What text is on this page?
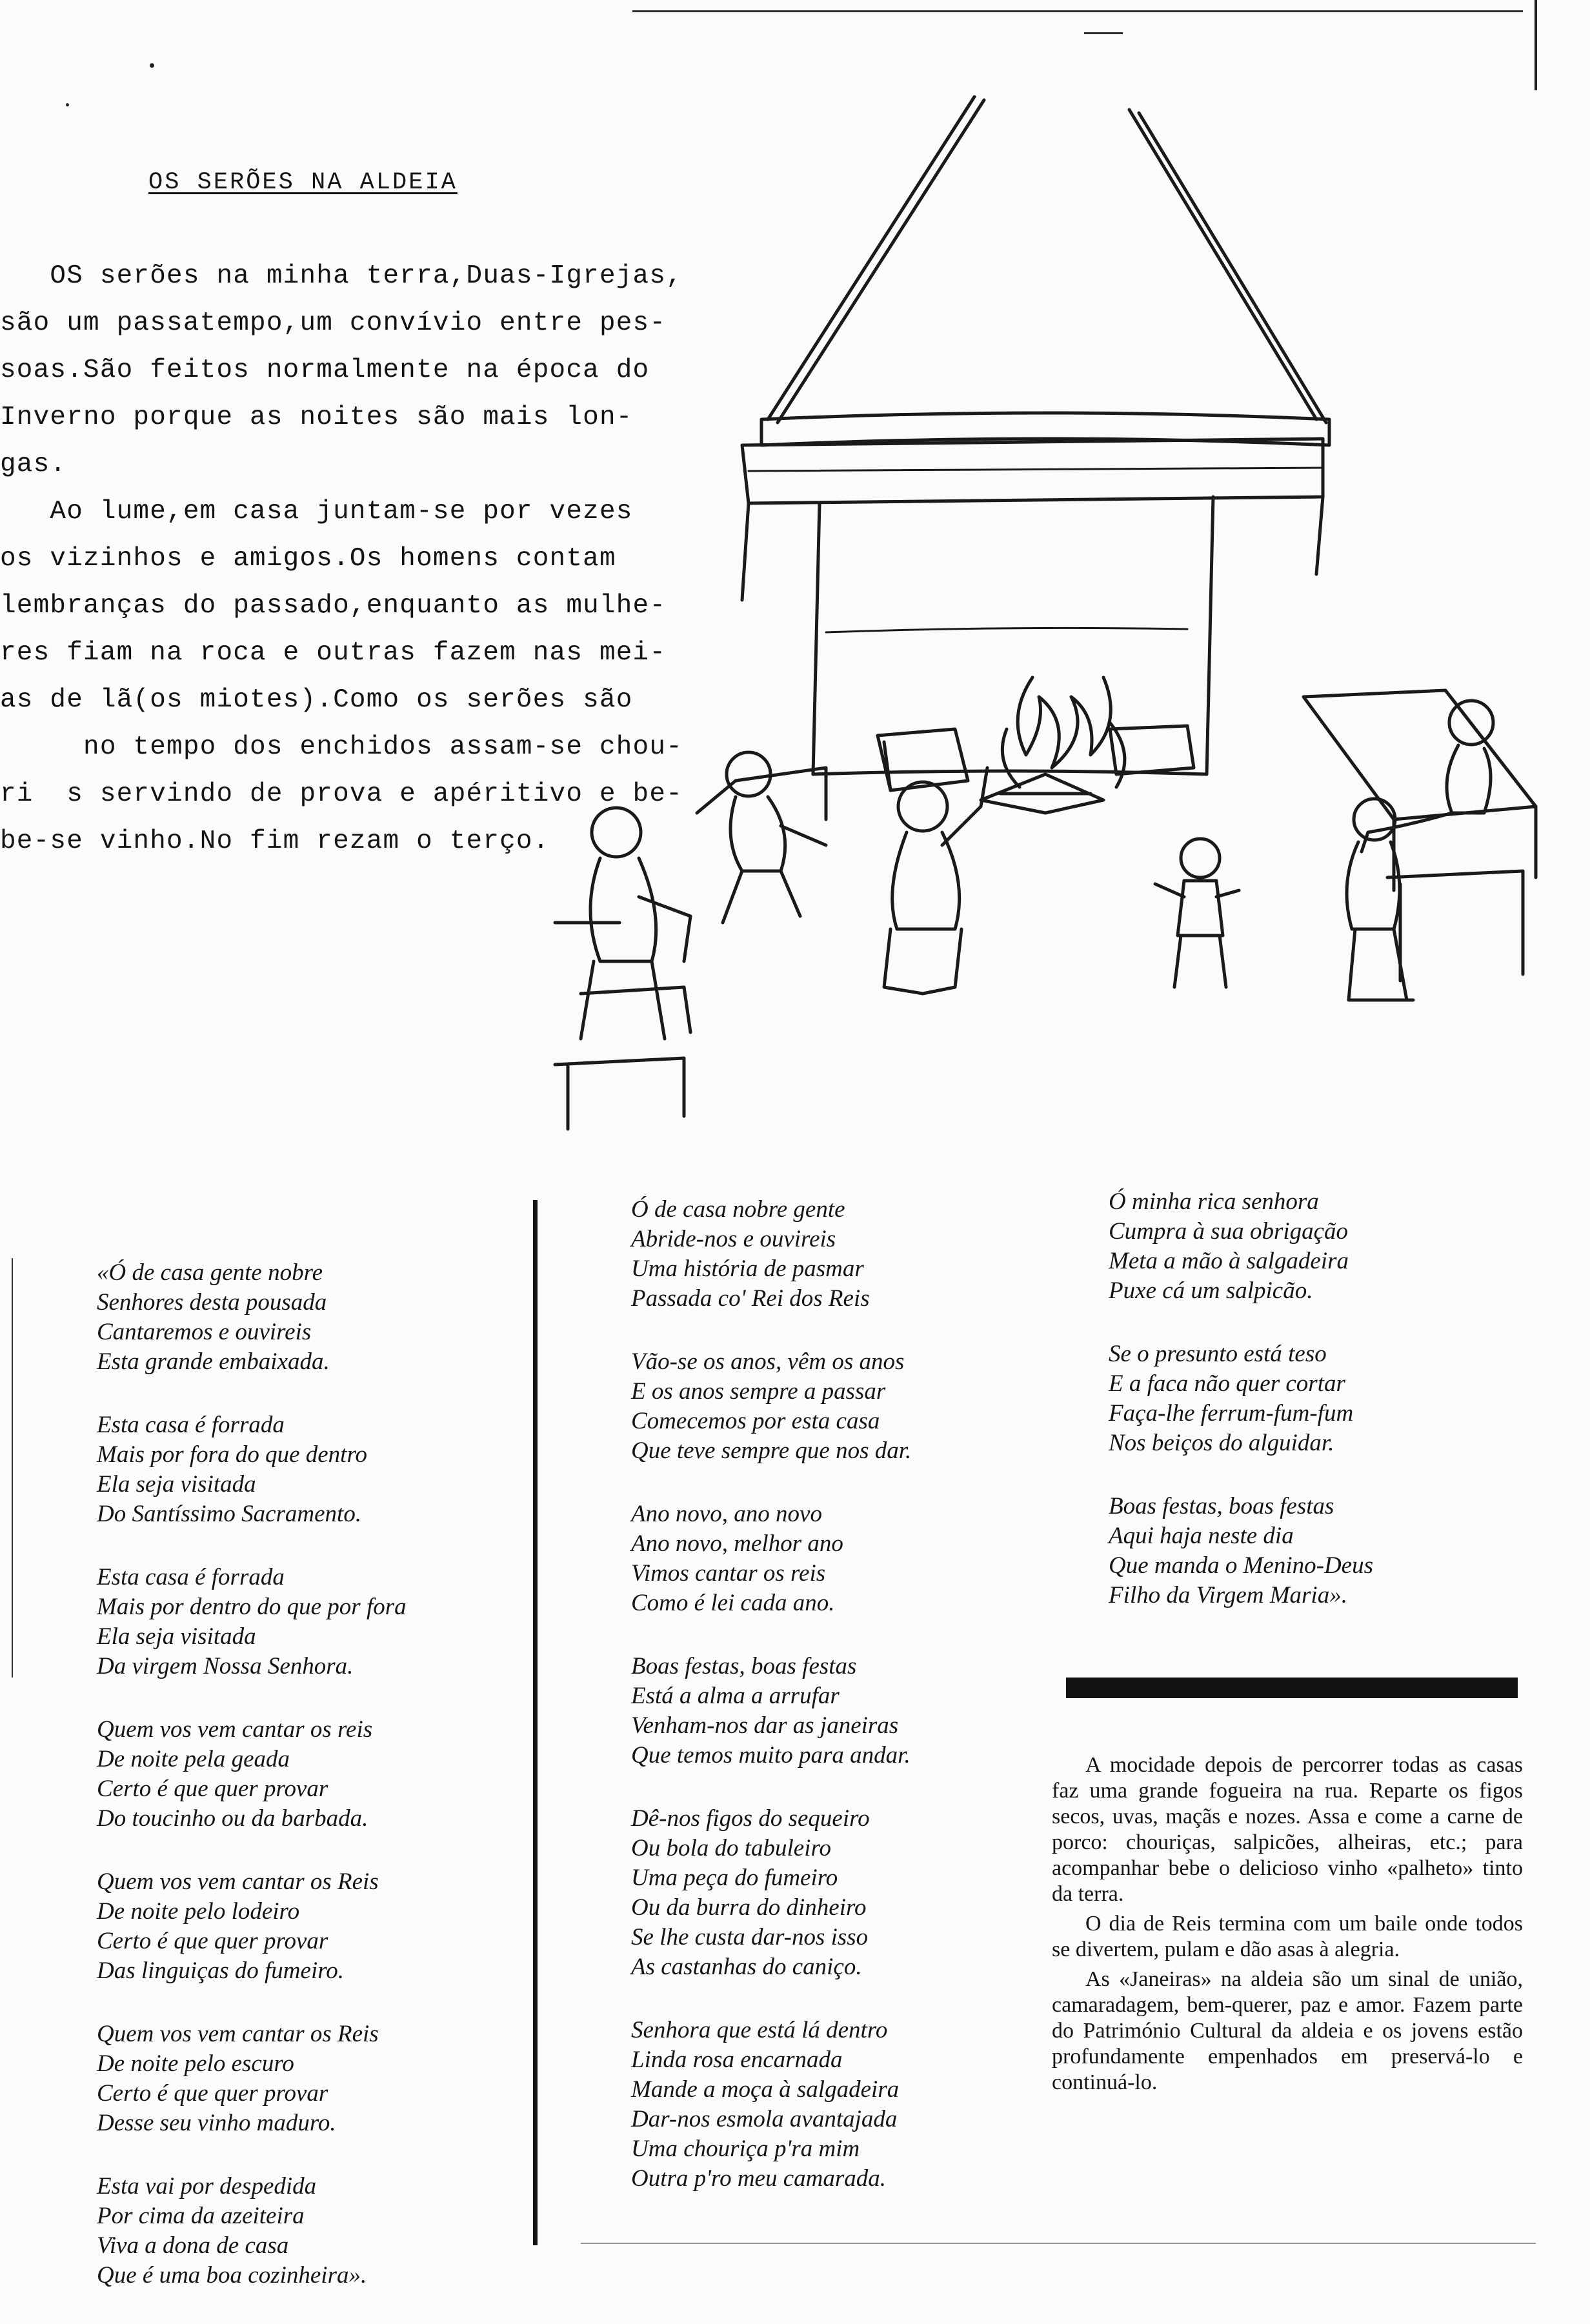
OS SERÕES NA ALDEIA
OS serões na minha terra,Duas-Igrejas,
são um passatempo,um convívio entre pes-
soas.São feitos normalmente na época do
Inverno porque as noites são mais lon-
gas.
Ao lume,em casa juntam-se por vezes
os vizinhos e amigos.Os homens contam
lembranças do passado,enquanto as mulhe-
res fiam na roca e outras fazem nas mei-
as de lã(os miotes).Como os serões são
no tempo dos enchidos assam-se chou-
ri  s servindo de prova e apéritivo e be-
be-se vinho.No fim rezam o terço.
«Ó de casa gente nobre
Senhores desta pousada
Cantaremos e ouvireis
Esta grande embaixada.
Esta casa é forrada
Mais por fora do que dentro
Ela seja visitada
Do Santíssimo Sacramento.
Esta casa é forrada
Mais por dentro do que por fora
Ela seja visitada
Da virgem Nossa Senhora.
Quem vos vem cantar os reis
De noite pela geada
Certo é que quer provar
Do toucinho ou da barbada.
Quem vos vem cantar os Reis
De noite pelo lodeiro
Certo é que quer provar
Das linguiças do fumeiro.
Quem vos vem cantar os Reis
De noite pelo escuro
Certo é que quer provar
Desse seu vinho maduro.
Esta vai por despedida
Por cima da azeiteira
Viva a dona de casa
Que é uma boa cozinheira».
Ó de casa nobre gente
Abride-nos e ouvireis
Uma história de pasmar
Passada co' Rei dos Reis
Vão-se os anos, vêm os anos
E os anos sempre a passar
Comecemos por esta casa
Que teve sempre que nos dar.
Ano novo, ano novo
Ano novo, melhor ano
Vimos cantar os reis
Como é lei cada ano.
Boas festas, boas festas
Está a alma a arrufar
Venham-nos dar as janeiras
Que temos muito para andar.
Dê-nos figos do sequeiro
Ou bola do tabuleiro
Uma peça do fumeiro
Ou da burra do dinheiro
Se lhe custa dar-nos isso
As castanhas do caniço.
Senhora que está lá dentro
Linda rosa encarnada
Mande a moça à salgadeira
Dar-nos esmola avantajada
Uma chouriça p'ra mim
Outra p'ro meu camarada.
Ó minha rica senhora
Cumpra à sua obrigação
Meta a mão à salgadeira
Puxe cá um salpicão.
Se o presunto está teso
E a faca não quer cortar
Faça-lhe ferrum-fum-fum
Nos beiços do alguidar.
Boas festas, boas festas
Aqui haja neste dia
Que manda o Menino-Deus
Filho da Virgem Maria».

A mocidade depois de percorrer todas as casas faz uma grande fogueira na rua. Reparte os figos secos, uvas, maçãs e nozes. Assa e come a carne de porco: chouriças, salpicões, alheiras, etc.; para acompanhar bebe o delicioso vinho «palheto» tinto da terra.

O dia de Reis termina com um baile onde todos se divertem, pulam e dão asas à alegria.

As «Janeiras» na aldeia são um sinal de união, camaradagem, bem-querer, paz e amor. Fazem parte do Património Cultural da aldeia e os jovens estão profundamente empenhados em preservá-lo e continuá-lo.
